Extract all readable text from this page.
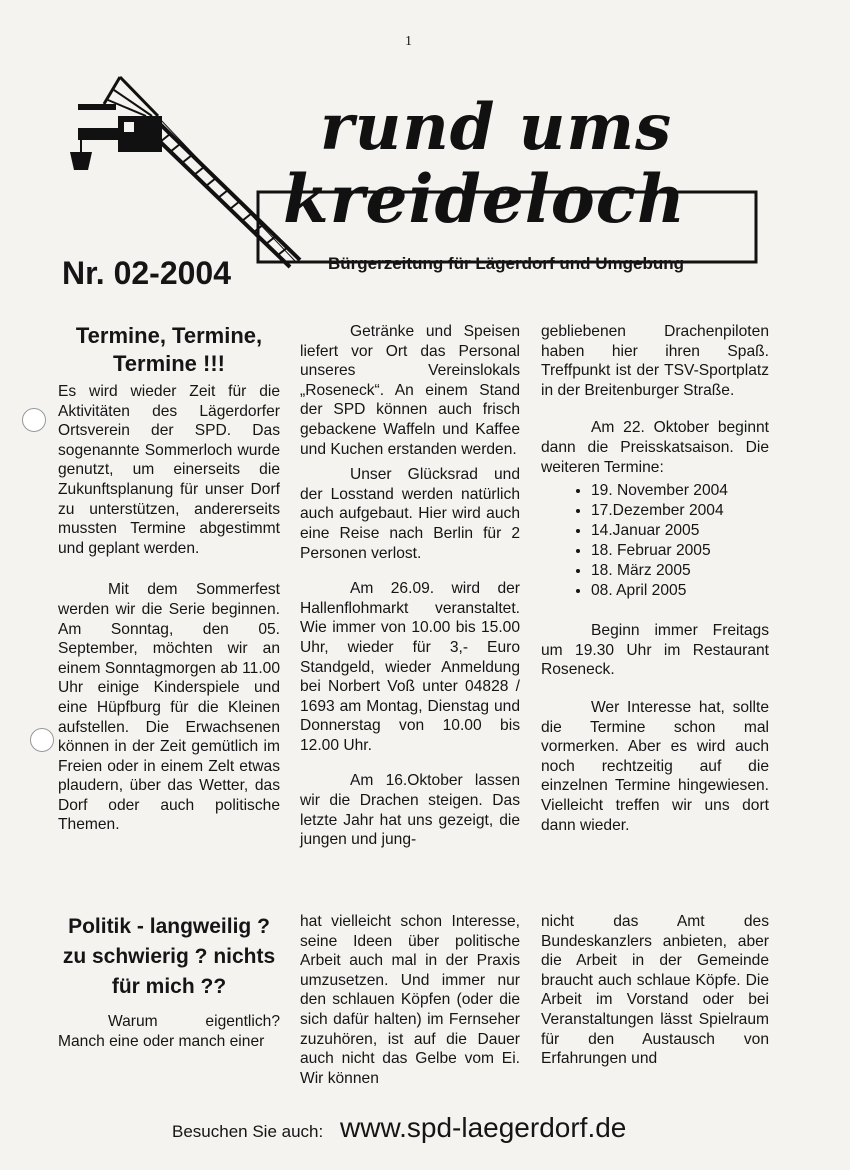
1
rund ums
kreideloch
Bürgerzeitung für Lägerdorf und Umgebung
Nr. 02-2004
Termine, Termine, Termine !!!

Es wird wieder Zeit für die Aktivitäten des Lägerdorfer Ortsverein der SPD. Das sogenannte Sommerloch wurde genutzt, um einerseits die Zukunftsplanung für unser Dorf zu unterstützen, andererseits mussten Termine abgestimmt und geplant werden.

Mit dem Sommerfest werden wir die Serie beginnen. Am Sonntag, den 05. September, möchten wir an einem Sonntagmorgen ab 11.00 Uhr einige Kinderspiele und eine Hüpfburg für die Kleinen aufstellen. Die Erwachsenen können in der Zeit gemütlich im Freien oder in einem Zelt etwas plaudern, über das Wetter, das Dorf oder auch politische Themen.

Getränke und Speisen liefert vor Ort das Personal unseres Vereinslokals „Roseneck“. An einem Stand der SPD können auch frisch gebackene Waffeln und Kaffee und Kuchen erstanden werden.

Unser Glücksrad und der Losstand werden natürlich auch aufgebaut. Hier wird auch eine Reise nach Berlin für 2 Personen verlost.

Am 26.09. wird der Hallenflohmarkt veranstaltet. Wie immer von 10.00 bis 15.00 Uhr, wieder für 3,- Euro Standgeld, wieder Anmeldung bei Norbert Voß unter 04828 / 1693 am Montag, Dienstag und Donnerstag von 10.00 bis 12.00 Uhr.

Am 16.Oktober lassen wir die Drachen steigen. Das letzte Jahr hat uns gezeigt, die jungen und jung-

gebliebenen Drachenpiloten haben hier ihren Spaß. Treffpunkt ist der TSV-Sportplatz in der Breitenburger Straße.

Am 22. Oktober beginnt dann die Preisskatsaison. Die weiteren Termine:

• 19. November 2004
• 17.Dezember 2004
• 14.Januar 2005
• 18. Februar 2005
• 18. März 2005
• 08. April 2005

Beginn immer Freitags um 19.30 Uhr im Restaurant Roseneck.

Wer Interesse hat, sollte die Termine schon mal vormerken. Aber es wird auch noch rechtzeitig auf die einzelnen Termine hingewiesen. Vielleicht treffen wir uns dort dann wieder.

Politik - langweilig ? zu schwierig ? nichts für mich ??

Warum eigentlich? Manch eine oder manch einer

hat vielleicht schon Interesse, seine Ideen über politische Arbeit auch mal in der Praxis umzusetzen. Und immer nur den schlauen Köpfen (oder die sich dafür halten) im Fernseher zuzuhören, ist auf die Dauer auch nicht das Gelbe vom Ei. Wir können

nicht das Amt des Bundeskanzlers anbieten, aber die Arbeit in der Gemeinde braucht auch schlaue Köpfe. Die Arbeit im Vorstand oder bei Veranstaltungen lässt Spielraum für den Austausch von Erfahrungen und

Besuchen Sie auch: www.spd-laegerdorf.de
